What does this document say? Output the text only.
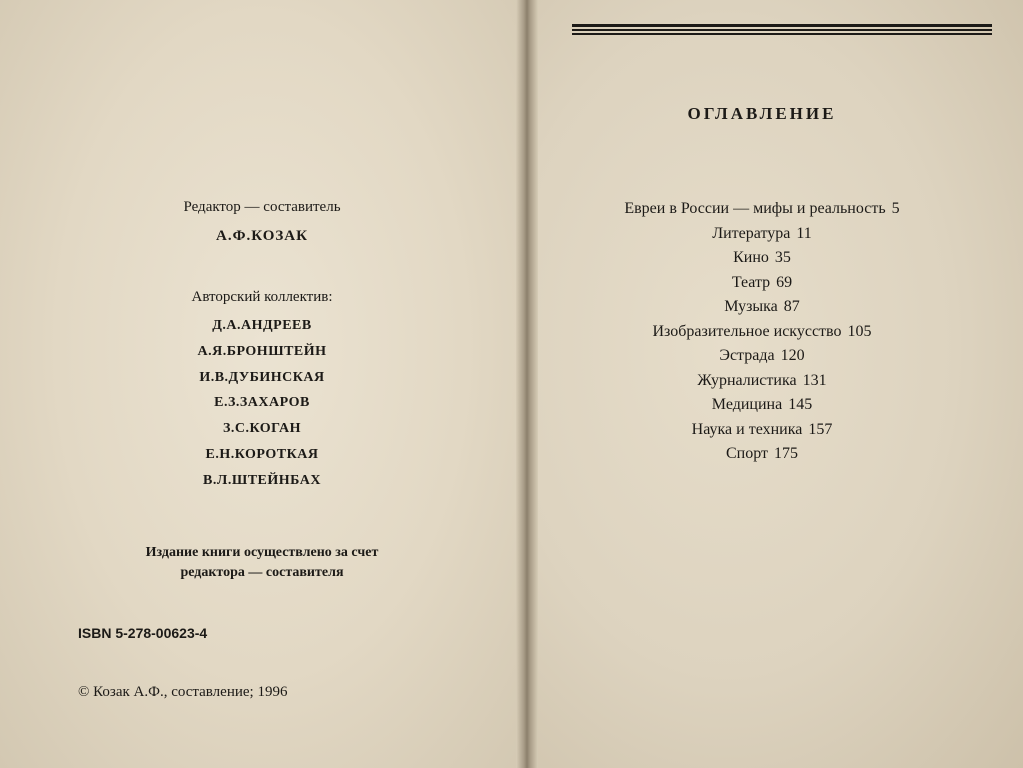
Редактор — составитель
А.Ф.КОЗАК
Авторский коллектив:
Д.А.АНДРЕЕВ
А.Я.БРОНШТЕЙН
И.В.ДУБИНСКАЯ
Е.З.ЗАХАРОВ
З.С.КОГАН
Е.Н.КОРОТКАЯ
В.Л.ШТЕЙНБАХ
Издание книги осуществлено за счет
редактора — составителя
ISBN 5-278-00623-4
© Козак А.Ф., составление; 1996
ОГЛАВЛЕНИЕ
Евреи в России — мифы и реальность 5
Литература 11
Кино 35
Театр 69
Музыка 87
Изобразительное искусство 105
Эстрада 120
Журналистика 131
Медицина 145
Наука и техника 157
Спорт 175
